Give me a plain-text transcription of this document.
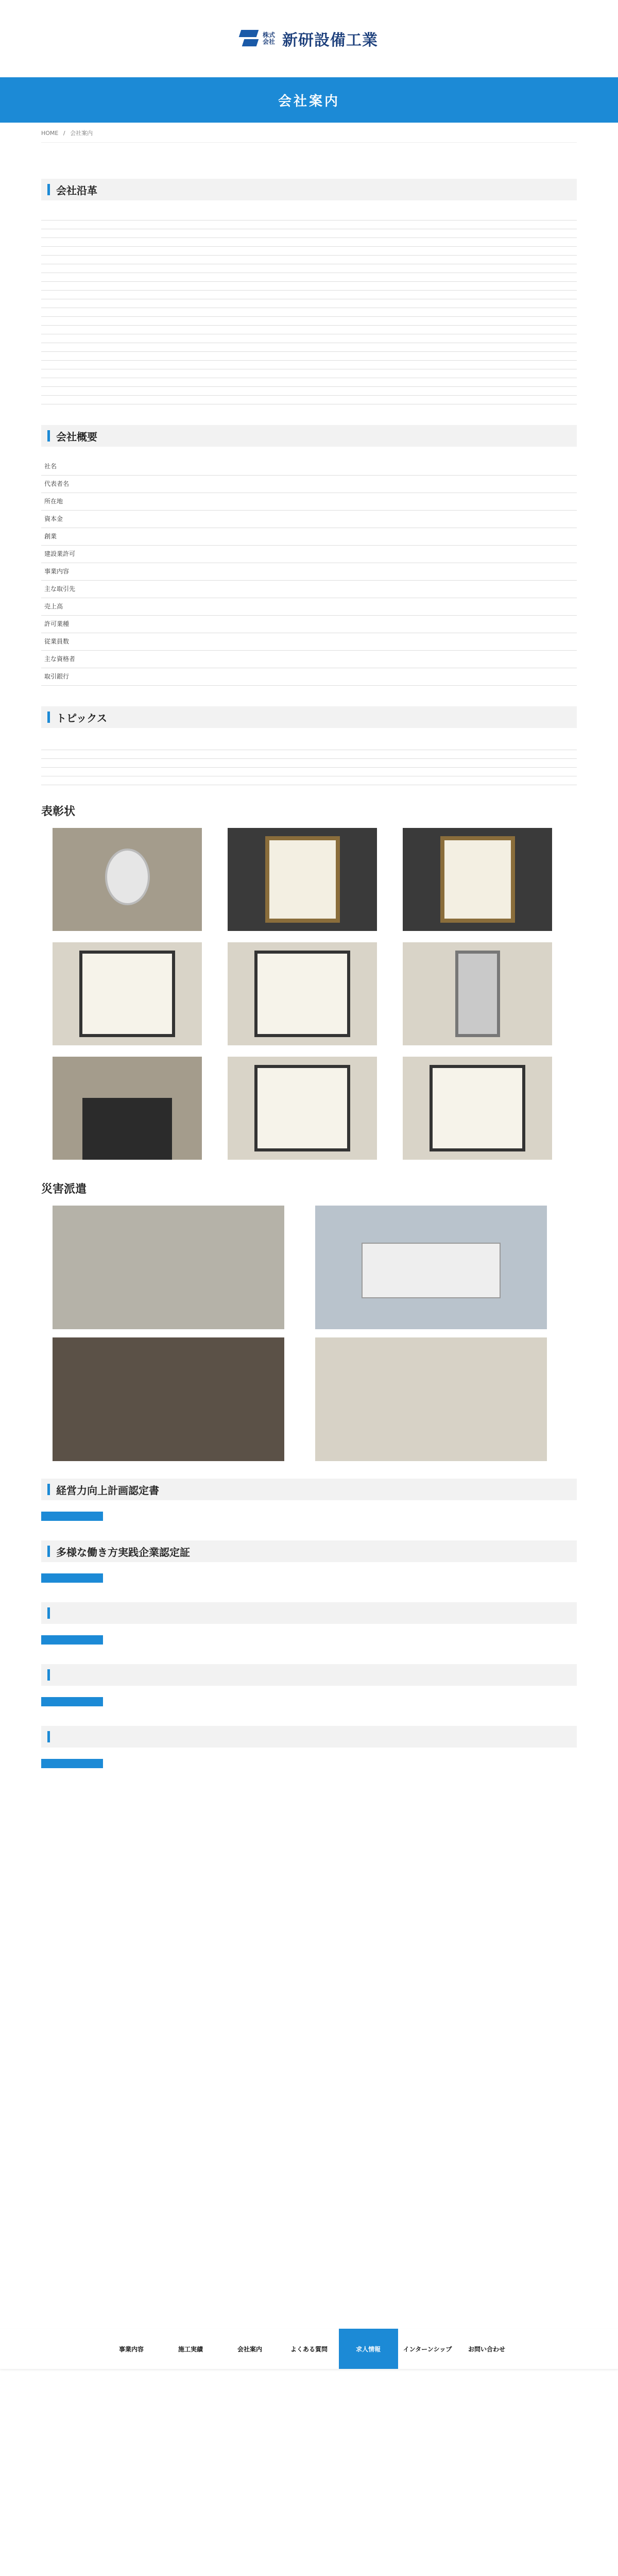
株式会社 新研設備工業
会社案内
HOME / 会社案内

会社沿革

会社概要
社名	
代表者名	
所在地	
資本金	
創業	
建設業許可	
事業内容	
主な取引先	
売上高	
許可業種	
従業員数	
主な資格者	
取引銀行	
トピックス

表彰状
災害派遣

経営力向上計画認定書

多様な働き方実践企業認定証

事業内容	施工実績	会社案内	よくある質問	求人情報	インターンシップ	お問い合わせ
